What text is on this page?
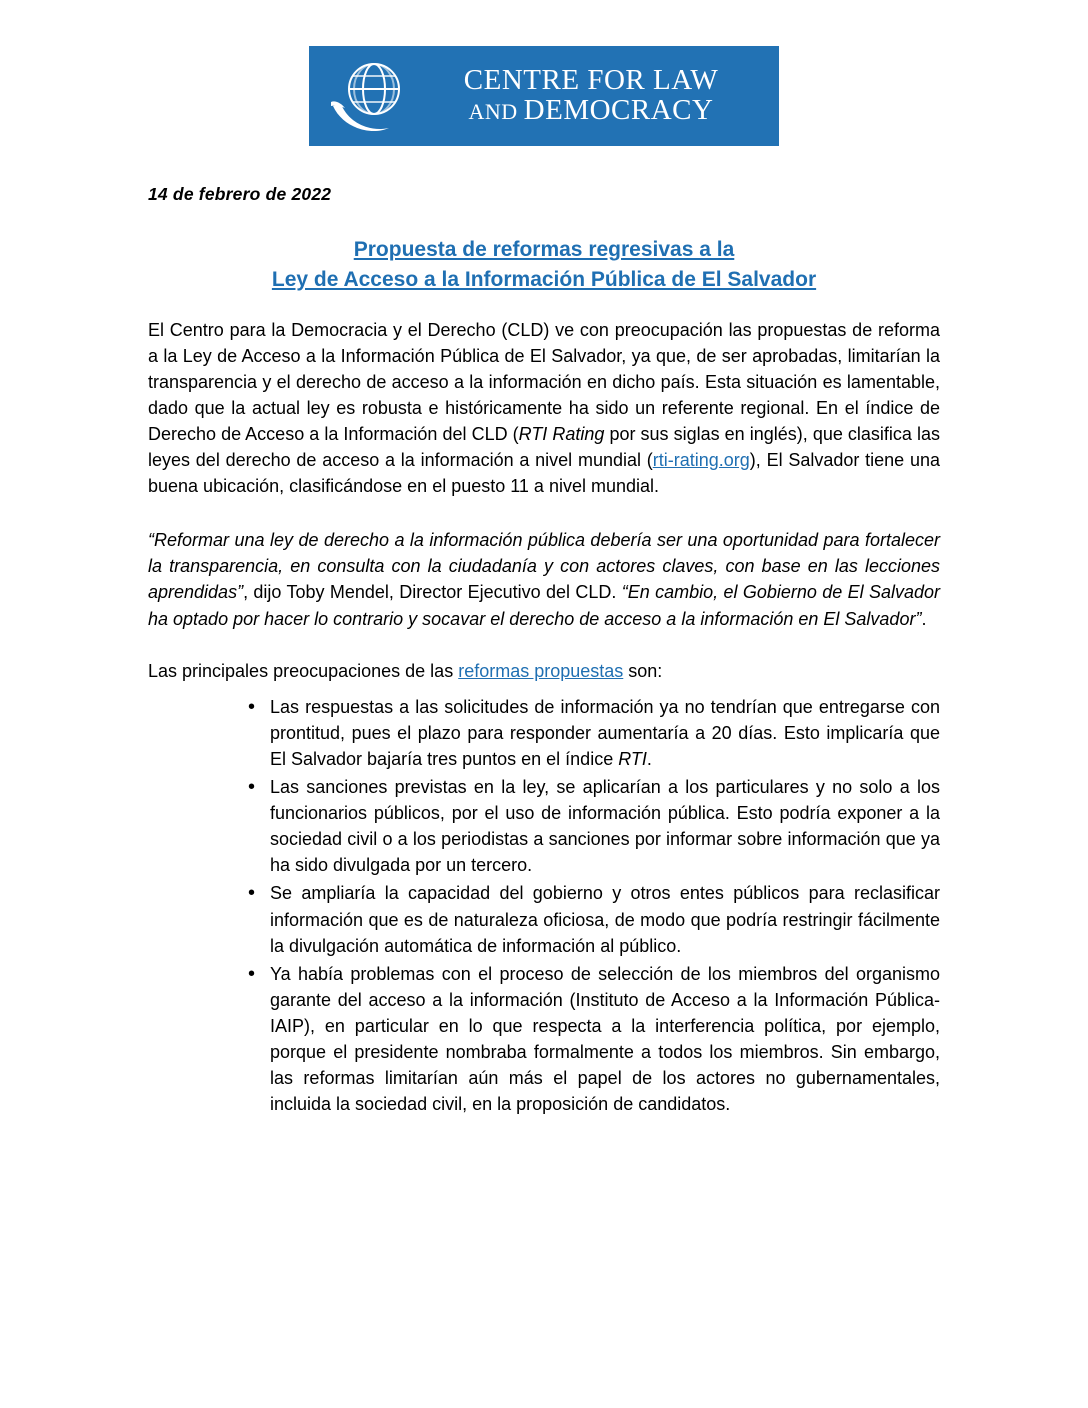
CENTRE FOR LAW
AND DEMOCRACY
14 de febrero de 2022
Propuesta de reformas regresivas a la
Ley de Acceso a la Información Pública de El Salvador

El Centro para la Democracia y el Derecho (CLD) ve con preocupación las propuestas de reforma a la Ley de Acceso a la Información Pública de El Salvador, ya que, de ser aprobadas, limitarían la transparencia y el derecho de acceso a la información en dicho país. Esta situación es lamentable, dado que la actual ley es robusta e históricamente ha sido un referente regional. En el índice de Derecho de Acceso a la Información del CLD (RTI Rating por sus siglas en inglés), que clasifica las leyes del derecho de acceso a la información a nivel mundial (rti-rating.org), El Salvador tiene una buena ubicación, clasificándose en el puesto 11 a nivel mundial.

“Reformar una ley de derecho a la información pública debería ser una oportunidad para fortalecer la transparencia, en consulta con la ciudadanía y con actores claves, con base en las lecciones aprendidas”, dijo Toby Mendel, Director Ejecutivo del CLD. “En cambio, el Gobierno de El Salvador ha optado por hacer lo contrario y socavar el derecho de acceso a la información en El Salvador”.

Las principales preocupaciones de las reformas propuestas son:

• Las respuestas a las solicitudes de información ya no tendrían que entregarse con prontitud, pues el plazo para responder aumentaría a 20 días. Esto implicaría que El Salvador bajaría tres puntos en el índice RTI.
• Las sanciones previstas en la ley, se aplicarían a los particulares y no solo a los funcionarios públicos, por el uso de información pública. Esto podría exponer a la sociedad civil o a los periodistas a sanciones por informar sobre información que ya ha sido divulgada por un tercero.
• Se ampliaría la capacidad del gobierno y otros entes públicos para reclasificar información que es de naturaleza oficiosa, de modo que podría restringir fácilmente la divulgación automática de información al público.
• Ya había problemas con el proceso de selección de los miembros del organismo garante del acceso a la información (Instituto de Acceso a la Información Pública- IAIP), en particular en lo que respecta a la interferencia política, por ejemplo, porque el presidente nombraba formalmente a todos los miembros. Sin embargo, las reformas limitarían aún más el papel de los actores no gubernamentales, incluida la sociedad civil, en la proposición de candidatos.
